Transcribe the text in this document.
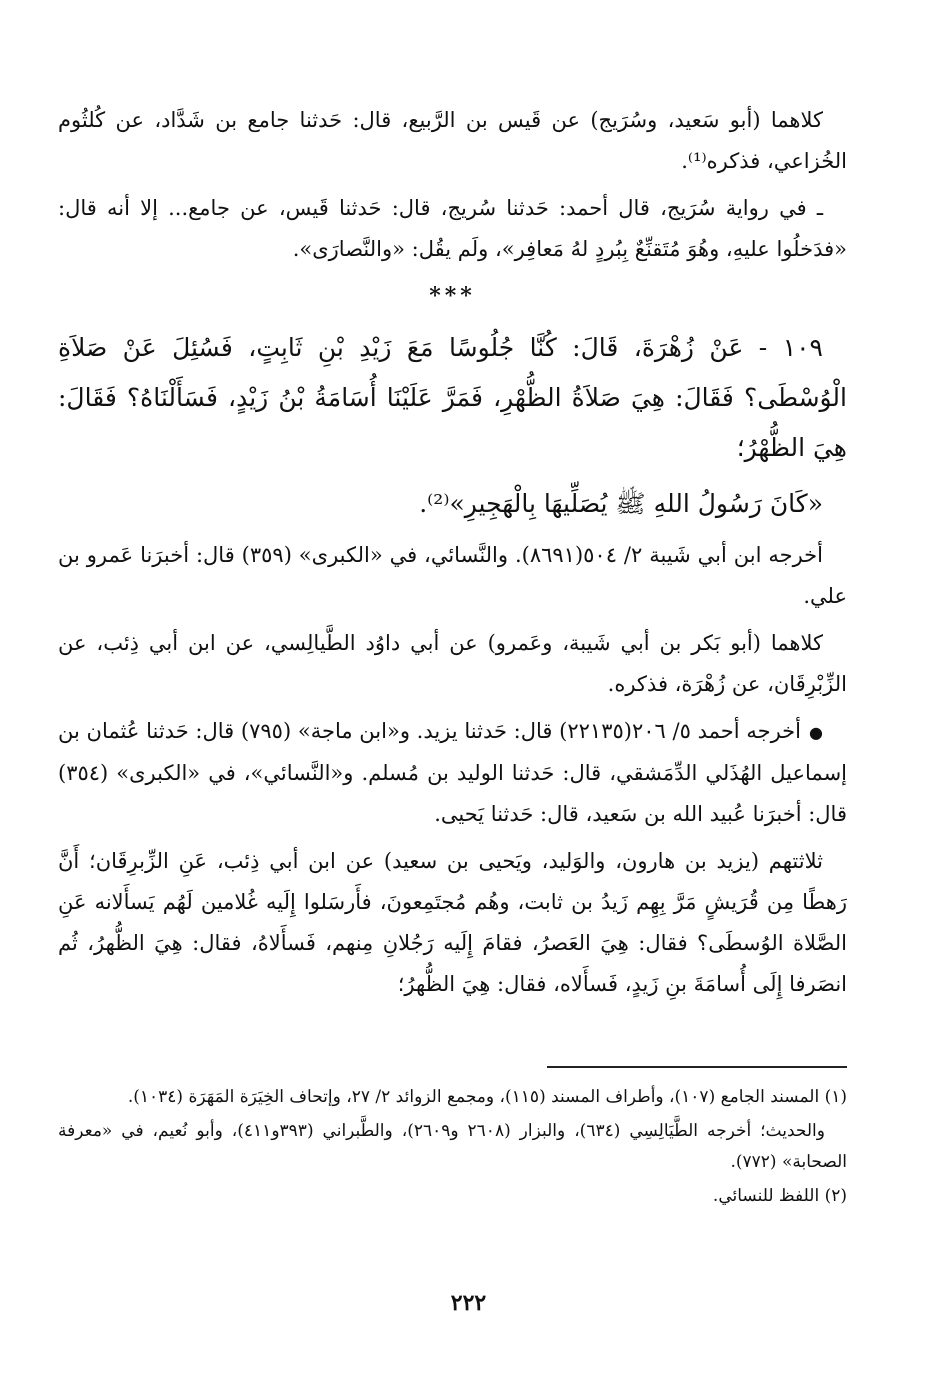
كلاهما (أبو سَعيد، وسُرَيج) عن قَيس بن الرَّبيع، قال: حَدثنا جامع بن شَدَّاد، عن كُلثُوم الخُزاعي، فذكره⁽¹⁾.

ـ في رواية سُرَيج، قال أحمد: حَدثنا سُريج، قال: حَدثنا قَيس، عن جامع... إلا أنه قال: «فدَخلُوا عليهِ، وهُوَ مُتَقنِّعٌ بِبُردٍ لهُ مَعافِر»، ولَم يقُل: «والنَّصارَى».

***

١٠٩ - عَنْ زُهْرَةَ، قَالَ: كُنَّا جُلُوسًا مَعَ زَيْدِ بْنِ ثَابِتٍ، فَسُئِلَ عَنْ صَلاَةِ الْوُسْطَى؟ فَقَالَ: هِيَ صَلاَةُ الظُّهْرِ، فَمَرَّ عَلَيْنَا أُسَامَةُ بْنُ زَيْدٍ، فَسَأَلْنَاهُ؟ فَقَالَ: هِيَ الظُّهْرُ؛

«كَانَ رَسُولُ اللهِ ﷺ يُصَلِّيهَا بِالْهَجِيرِ»⁽²⁾.

أخرجه ابن أبي شَيبة ٢/ ٥٠٤(٨٦٩١). والنَّسائي، في «الكبرى» (٣٥٩) قال: أخبرَنا عَمرو بن علي.

كلاهما (أبو بَكر بن أبي شَيبة، وعَمرو) عن أبي داوُد الطَّيالِسي، عن ابن أبي ذِئب، عن الزِّبْرِقَان، عن زُهْرَة، فذكره.

●أخرجه أحمد ٥/ ٢٠٦(٢٢١٣٥) قال: حَدثنا يزيد. و«ابن ماجة» (٧٩٥) قال: حَدثنا عُثمان بن إسماعيل الهُذَلي الدِّمَشقي، قال: حَدثنا الوليد بن مُسلم. و«النَّسائي»، في «الكبرى» (٣٥٤) قال: أخبرَنا عُبيد الله بن سَعيد، قال: حَدثنا يَحيى.

ثلاثتهم (يزيد بن هارون، والوَليد، ويَحيى بن سعيد) عن ابن أبي ذِئب، عَنِ الزِّبرِقَان؛ أَنَّ رَهطًا مِن قُرَيشٍ مَرَّ بِهِم زَيدُ بن ثابت، وهُم مُجتَمِعونَ، فأَرسَلوا إِلَيه غُلامين لَهُم يَسأَلانه عَنِ الصَّلاة الوُسطَى؟ فقال: هِيَ العَصرُ، فقامَ إِلَيه رَجُلانِ مِنهم، فَسأَلاهُ، فقال: هِيَ الظُّهرُ، ثُم انصَرفا إِلَى أُسامَةَ بنِ زَيدٍ، فَسأَلاه، فقال: هِيَ الظُّهرُ؛

(١) المسند الجامع (١٠٧)، وأطراف المسند (١١٥)، ومجمع الزوائد ٢/ ٢٧، وإتحاف الخِيَرَة المَهَرَة (١٠٣٤).

والحديث؛ أخرجه الطَّيَالِسِي (٦٣٤)، والبزار (٢٦٠٨ و٢٦٠٩)، والطَّبراني (٣٩٣و٤١١)، وأبو نُعيم، في «معرفة الصحابة» (٧٧٢).

(٢) اللفظ للنسائي.

٢٢٢
